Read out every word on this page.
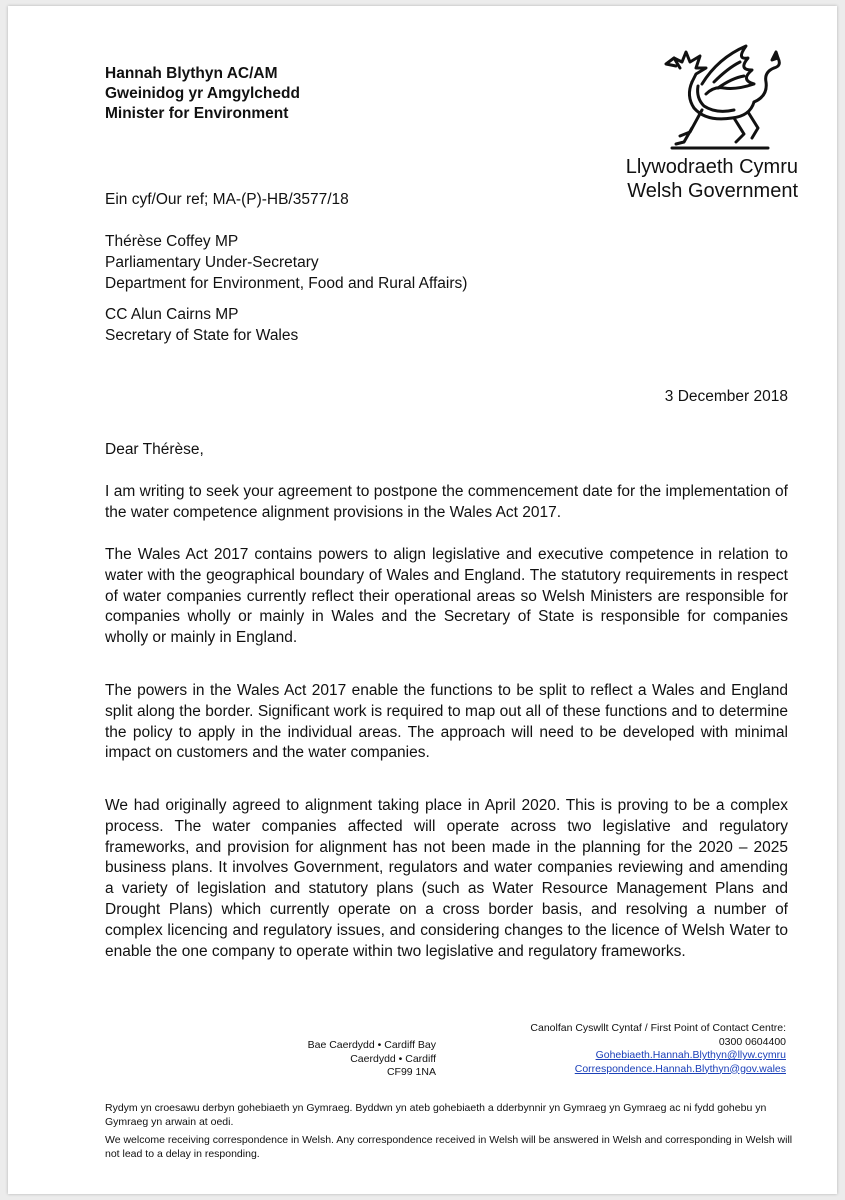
Hannah Blythyn AC/AM
Gweinidog yr Amgylchedd
Minister for Environment
Llywodraeth Cymru
Welsh Government
Ein cyf/Our ref; MA-(P)-HB/3577/18
Thérèse Coffey MP
Parliamentary Under-Secretary
Department for Environment, Food and Rural Affairs)
CC Alun Cairns MP
Secretary of State for Wales
3 December 2018
Dear Thérèse,
I am writing to seek your agreement to postpone the commencement date for the implementation of the water competence alignment provisions in the Wales Act 2017.
The Wales Act 2017 contains powers to align legislative and executive competence in relation to water with the geographical boundary of Wales and England. The statutory requirements in respect of water companies currently reflect their operational areas so Welsh Ministers are responsible for companies wholly or mainly in Wales and the Secretary of State is responsible for companies wholly or mainly in England.
The powers in the Wales Act 2017 enable the functions to be split to reflect a Wales and England split along the border. Significant work is required to map out all of these functions and to determine the policy to apply in the individual areas. The approach will need to be developed with minimal impact on customers and the water companies.
We had originally agreed to alignment taking place in April 2020. This is proving to be a complex process. The water companies affected will operate across two legislative and regulatory frameworks, and provision for alignment has not been made in the planning for the 2020 – 2025 business plans. It involves Government, regulators and water companies reviewing and amending a variety of legislation and statutory plans (such as Water Resource Management Plans and Drought Plans) which currently operate on a cross border basis, and resolving a number of complex licencing and regulatory issues, and considering changes to the licence of Welsh Water to enable the one company to operate within two legislative and regulatory frameworks.
Bae Caerdydd • Cardiff Bay
Caerdydd • Cardiff
CF99 1NA
Canolfan Cyswllt Cyntaf / First Point of Contact Centre:
0300 0604400
Gohebiaeth.Hannah.Blythyn@llyw.cymru
Correspondence.Hannah.Blythyn@gov.wales
Rydym yn croesawu derbyn gohebiaeth yn Gymraeg. Byddwn yn ateb gohebiaeth a dderbynnir yn Gymraeg yn Gymraeg ac ni fydd gohebu yn Gymraeg yn arwain at oedi.
We welcome receiving correspondence in Welsh. Any correspondence received in Welsh will be answered in Welsh and corresponding in Welsh will not lead to a delay in responding.
